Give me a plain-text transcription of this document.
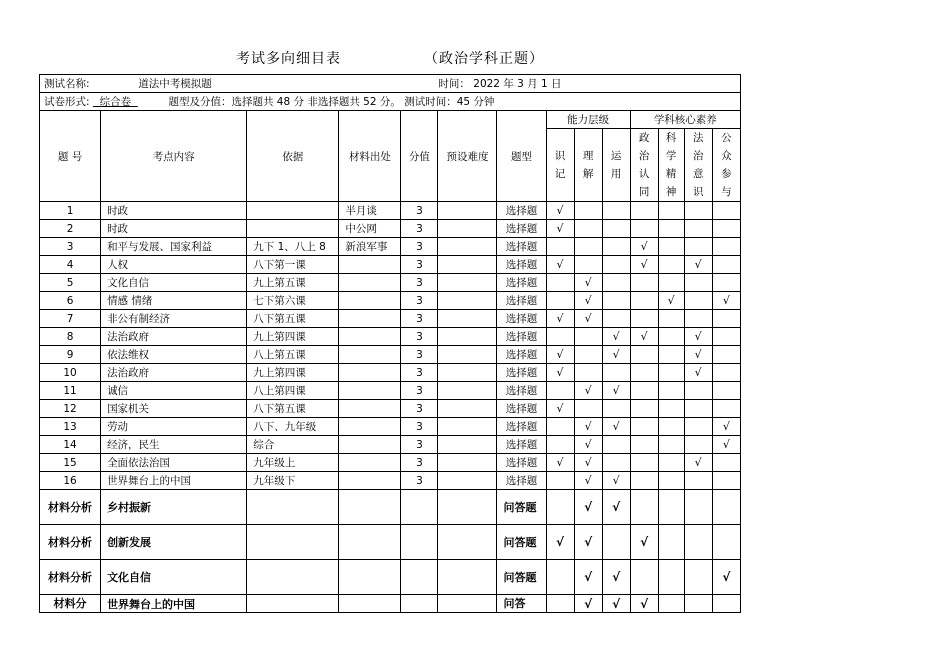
考试多向细目表	（政治学科正题）
测试名称: 道法中考模拟题 时间： 2022 年 3 月 1 日													
试卷形式: 综合卷 题型及分值：选择题共 48 分 非选择题共 52 分。 测试时间：45 分钟													
题 号	考点内容	依据	材料出处	分值	预设难度	题型	能力层级			学科核心素养			
							识记	理解	运用	政治认同	科学精神	法治意识	公众参与
1	时政		半月谈	3		选择题	√						
2	时政		中公网	3		选择题	√						
3	和平与发展、国家利益	九下 1、八上 8	新浪军事	3		选择题				√			
4	人权	八下第一课		3		选择题	√			√		√	
5	文化自信	九上第五课		3		选择题		√					
6	情感 情绪	七下第六课		3		选择题		√			√		√
7	非公有制经济	八下第五课		3		选择题	√	√					
8	法治政府	九上第四课		3		选择题			√	√		√	
9	依法维权	八上第五课		3		选择题	√		√			√	
10	法治政府	九上第四课		3		选择题	√					√	
11	诚信	八上第四课		3		选择题		√	√				
12	国家机关	八下第五课		3		选择题	√						
13	劳动	八下、九年级		3		选择题		√	√				√
14	经济，民生	综合		3		选择题		√					√
15	全面依法治国	九年级上		3		选择题	√	√				√	
16	世界舞台上的中国	九年级下		3		选择题		√	√				
材料分析	乡村振新					问答题		√	√				
材料分析	创新发展					问答题	√	√		√			
材料分析	文化自信					问答题		√	√				√
材料分	世界舞台上的中国					问答		√	√	√			
